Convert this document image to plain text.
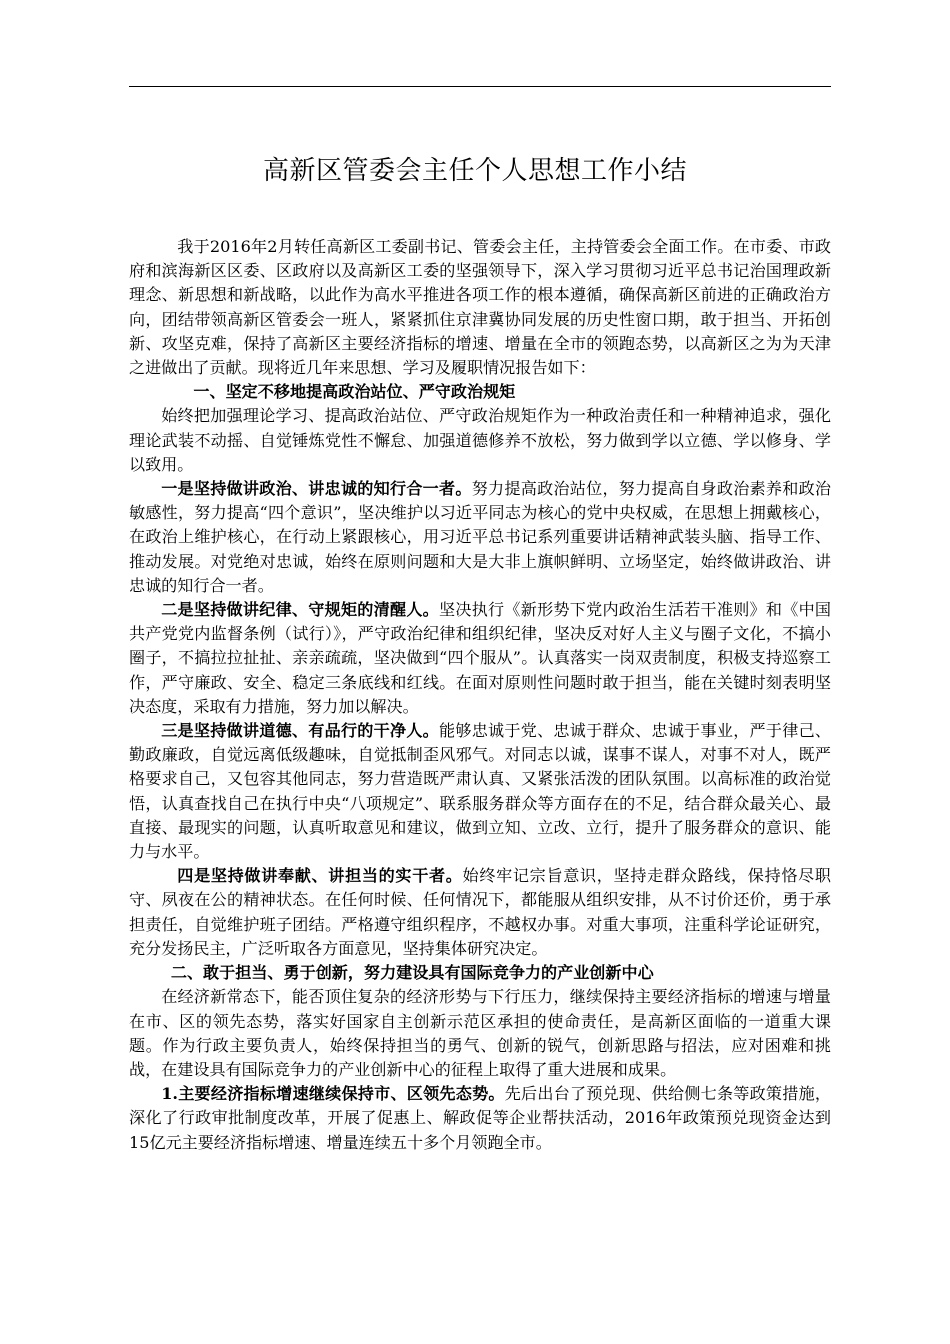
高新区管委会主任个人思想工作小结

我于2016年2月转任高新区工委副书记、管委会主任，主持管委会全面工作。在市委、市政府和滨海新区区委、区政府以及高新区工委的坚强领导下，深入学习贯彻习近平总书记治国理政新理念、新思想和新战略，以此作为高水平推进各项工作的根本遵循，确保高新区前进的正确政治方向，团结带领高新区管委会一班人，紧紧抓住京津冀协同发展的历史性窗口期，敢于担当、开拓创新、攻坚克难，保持了高新区主要经济指标的增速、增量在全市的领跑态势，以高新区之为为天津之进做出了贡献。现将近几年来思想、学习及履职情况报告如下：

一、坚定不移地提高政治站位、严守政治规矩

始终把加强理论学习、提高政治站位、严守政治规矩作为一种政治责任和一种精神追求，强化理论武装不动摇、自觉锤炼党性不懈怠、加强道德修养不放松，努力做到学以立德、学以修身、学以致用。

一是坚持做讲政治、讲忠诚的知行合一者。努力提高政治站位，努力提高自身政治素养和政治敏感性，努力提高“四个意识”，坚决维护以习近平同志为核心的党中央权威，在思想上拥戴核心，在政治上维护核心，在行动上紧跟核心，用习近平总书记系列重要讲话精神武装头脑、指导工作、推动发展。对党绝对忠诚，始终在原则问题和大是大非上旗帜鲜明、立场坚定，始终做讲政治、讲忠诚的知行合一者。

二是坚持做讲纪律、守规矩的清醒人。坚决执行《新形势下党内政治生活若干准则》和《中国共产党党内监督条例（试行）》，严守政治纪律和组织纪律，坚决反对好人主义与圈子文化，不搞小圈子，不搞拉拉扯扯、亲亲疏疏，坚决做到“四个服从”。认真落实一岗双责制度，积极支持巡察工作，严守廉政、安全、稳定三条底线和红线。在面对原则性问题时敢于担当，能在关键时刻表明坚决态度，采取有力措施，努力加以解决。

三是坚持做讲道德、有品行的干净人。能够忠诚于党、忠诚于群众、忠诚于事业，严于律己、勤政廉政，自觉远离低级趣味，自觉抵制歪风邪气。对同志以诚，谋事不谋人，对事不对人，既严格要求自己，又包容其他同志，努力营造既严肃认真、又紧张活泼的团队氛围。以高标准的政治觉悟，认真查找自己在执行中央“八项规定”、联系服务群众等方面存在的不足，结合群众最关心、最直接、最现实的问题，认真听取意见和建议，做到立知、立改、立行，提升了服务群众的意识、能力与水平。

四是坚持做讲奉献、讲担当的实干者。始终牢记宗旨意识，坚持走群众路线，保持恪尽职守、夙夜在公的精神状态。在任何时候、任何情况下，都能服从组织安排，从不讨价还价，勇于承担责任，自觉维护班子团结。严格遵守组织程序，不越权办事。对重大事项，注重科学论证研究，充分发扬民主，广泛听取各方面意见，坚持集体研究决定。

二、敢于担当、勇于创新，努力建设具有国际竞争力的产业创新中心

在经济新常态下，能否顶住复杂的经济形势与下行压力，继续保持主要经济指标的增速与增量在市、区的领先态势，落实好国家自主创新示范区承担的使命责任，是高新区面临的一道重大课题。作为行政主要负责人，始终保持担当的勇气、创新的锐气，创新思路与招法，应对困难和挑战，在建设具有国际竞争力的产业创新中心的征程上取得了重大进展和成果。

1.主要经济指标增速继续保持市、区领先态势。先后出台了预兑现、供给侧七条等政策措施，深化了行政审批制度改革，开展了促惠上、解政促等企业帮扶活动，2016年政策预兑现资金达到15亿元主要经济指标增速、增量连续五十多个月领跑全市。
